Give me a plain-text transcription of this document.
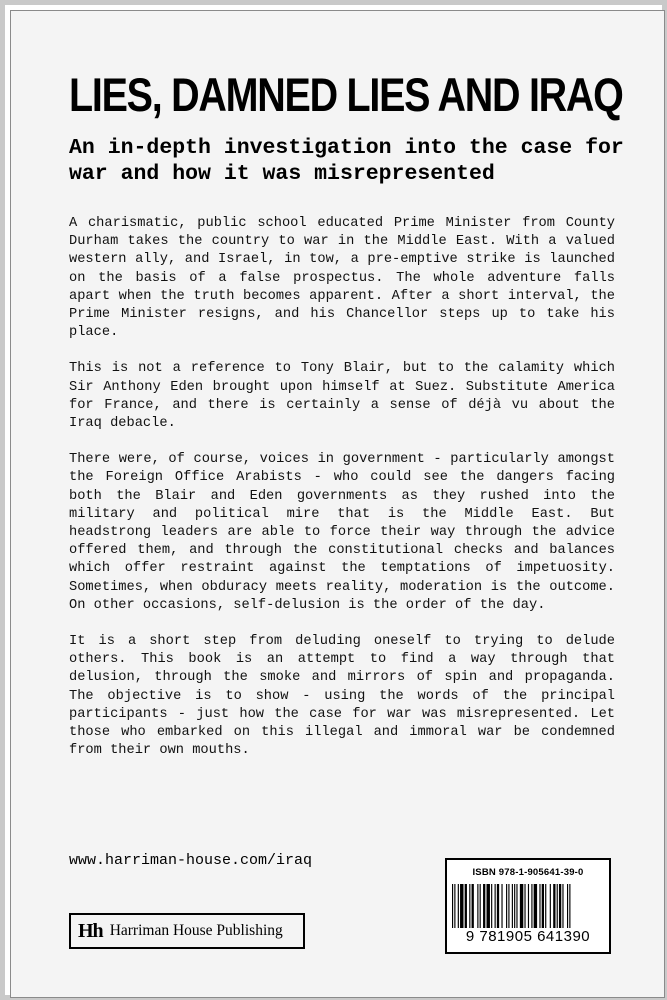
LIES, DAMNED LIES AND IRAQ
An in-depth investigation into the case for war and how it was misrepresented

A charismatic, public school educated Prime Minister from County Durham takes the country to war in the Middle East. With a valued western ally, and Israel, in tow, a pre-emptive strike is launched on the basis of a false prospectus. The whole adventure falls apart when the truth becomes apparent. After a short interval, the Prime Minister resigns, and his Chancellor steps up to take his place.

This is not a reference to Tony Blair, but to the calamity which Sir Anthony Eden brought upon himself at Suez. Substitute America for France, and there is certainly a sense of déjà vu about the Iraq debacle.

There were, of course, voices in government - particularly amongst the Foreign Office Arabists - who could see the dangers facing both the Blair and Eden governments as they rushed into the military and political mire that is the Middle East. But headstrong leaders are able to force their way through the advice offered them, and through the constitutional checks and balances which offer restraint against the temptations of impetuosity. Sometimes, when obduracy meets reality, moderation is the outcome. On other occasions, self-delusion is the order of the day.

It is a short step from deluding oneself to trying to delude others. This book is an attempt to find a way through that delusion, through the smoke and mirrors of spin and propaganda. The objective is to show - using the words of the principal participants - just how the case for war was misrepresented. Let those who embarked on this illegal and immoral war be condemned from their own mouths.

www.harriman-house.com/iraq
Hh Harriman House Publishing
ISBN 978-1-905641-39-0
9 781905 641390
